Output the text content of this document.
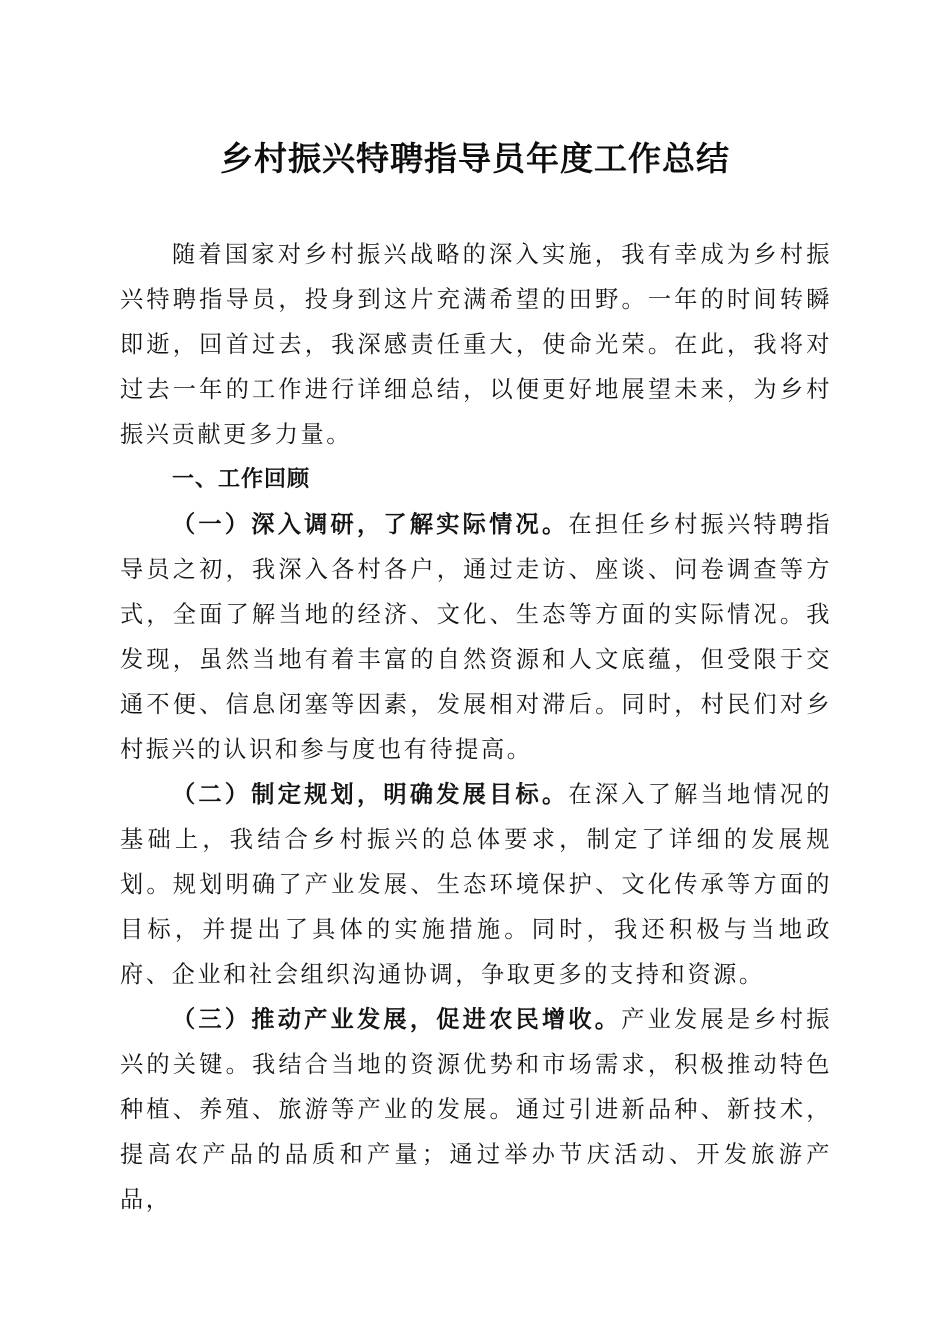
乡村振兴特聘指导员年度工作总结

随着国家对乡村振兴战略的深入实施，我有幸成为乡村振兴特聘指导员，投身到这片充满希望的田野。一年的时间转瞬即逝，回首过去，我深感责任重大，使命光荣。在此，我将对过去一年的工作进行详细总结，以便更好地展望未来，为乡村振兴贡献更多力量。

一、工作回顾

（一）深入调研，了解实际情况。在担任乡村振兴特聘指导员之初，我深入各村各户，通过走访、座谈、问卷调查等方式，全面了解当地的经济、文化、生态等方面的实际情况。我发现，虽然当地有着丰富的自然资源和人文底蕴，但受限于交通不便、信息闭塞等因素，发展相对滞后。同时，村民们对乡村振兴的认识和参与度也有待提高。

（二）制定规划，明确发展目标。在深入了解当地情况的基础上，我结合乡村振兴的总体要求，制定了详细的发展规划。规划明确了产业发展、生态环境保护、文化传承等方面的目标，并提出了具体的实施措施。同时，我还积极与当地政府、企业和社会组织沟通协调，争取更多的支持和资源。

（三）推动产业发展，促进农民增收。产业发展是乡村振兴的关键。我结合当地的资源优势和市场需求，积极推动特色种植、养殖、旅游等产业的发展。通过引进新品种、新技术，提高农产品的品质和产量；通过举办节庆活动、开发旅游产品，
